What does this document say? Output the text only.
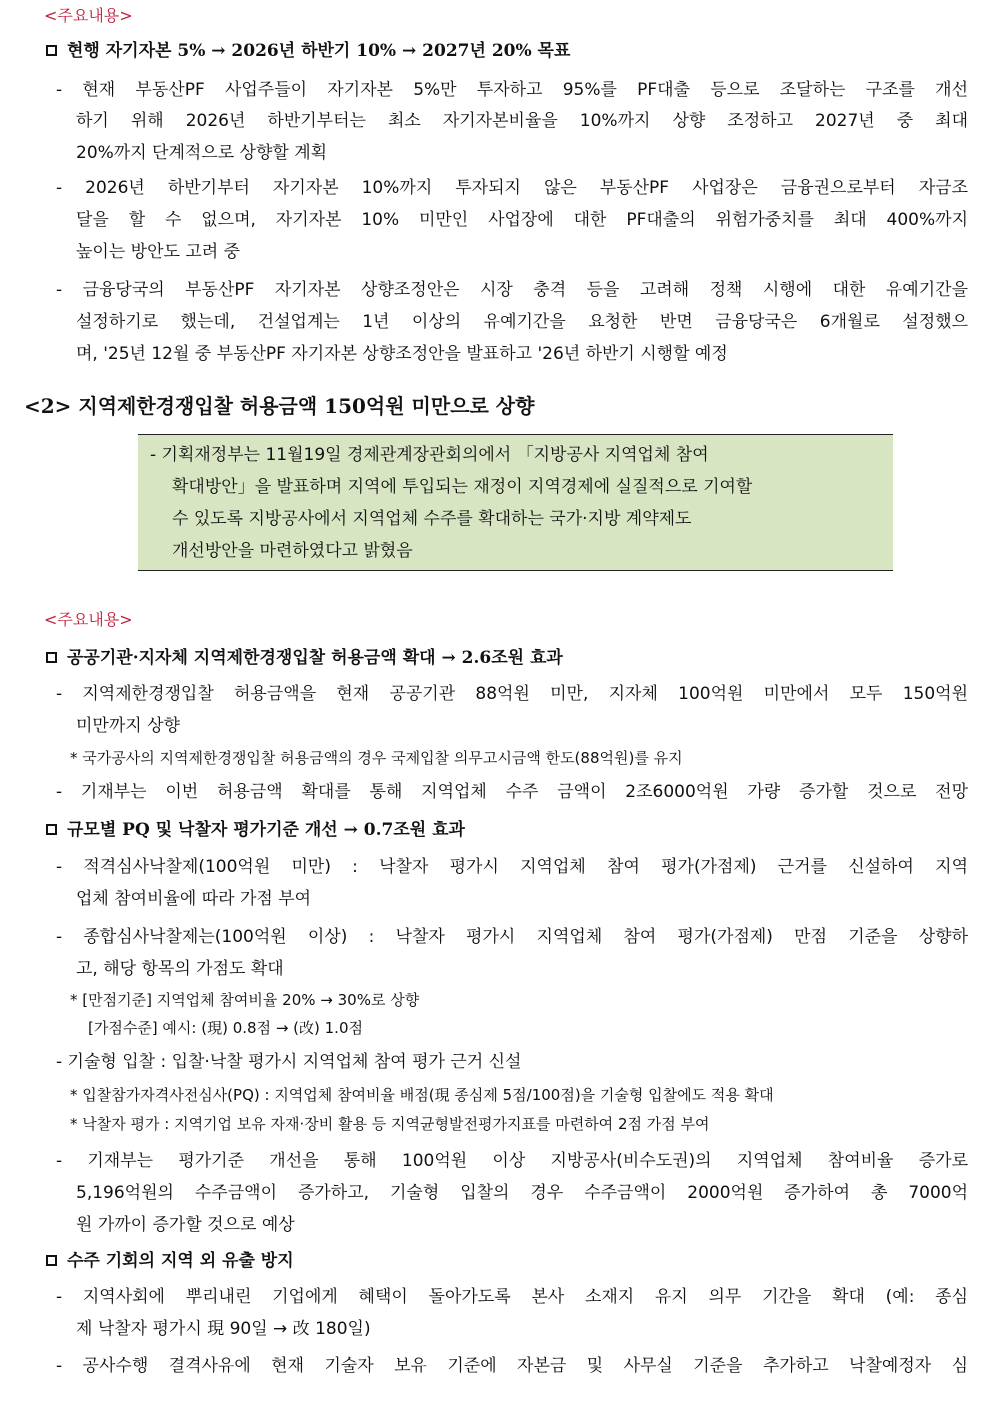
<주요내용>
현행 자기자본 5% → 2026년 하반기 10% → 2027년 20% 목표
- 현재 부동산PF 사업주들이 자기자본 5%만 투자하고 95%를 PF대출 등으로 조달하는 구조를 개선
하기 위해 2026년 하반기부터는 최소 자기자본비율을 10%까지 상향 조정하고 2027년 중 최대
20%까지 단계적으로 상향할 계획
- 2026년 하반기부터 자기자본 10%까지 투자되지 않은 부동산PF 사업장은 금융권으로부터 자금조
달을 할 수 없으며, 자기자본 10% 미만인 사업장에 대한 PF대출의 위험가중치를 최대 400%까지
높이는 방안도 고려 중
- 금융당국의 부동산PF 자기자본 상향조정안은 시장 충격 등을 고려해 정책 시행에 대한 유예기간을
설정하기로 했는데, 건설업계는 1년 이상의 유예기간을 요청한 반면 금융당국은 6개월로 설정했으
며, '25년 12월 중 부동산PF 자기자본 상향조정안을 발표하고 '26년 하반기 시행할 예정
<2> 지역제한경쟁입찰 허용금액 150억원 미만으로 상향
- 기획재정부는 11월19일 경제관계장관회의에서 「지방공사 지역업체 참여
확대방안」을 발표하며 지역에 투입되는 재정이 지역경제에 실질적으로 기여할
수 있도록 지방공사에서 지역업체 수주를 확대하는 국가·지방 계약제도
개선방안을 마련하였다고 밝혔음
<주요내용>
공공기관·지자체 지역제한경쟁입찰 허용금액 확대 → 2.6조원 효과
- 지역제한경쟁입찰 허용금액을 현재 공공기관 88억원 미만, 지자체 100억원 미만에서 모두 150억원
미만까지 상향
* 국가공사의 지역제한경쟁입찰 허용금액의 경우 국제입찰 의무고시금액 한도(88억원)를 유지
- 기재부는 이번 허용금액 확대를 통해 지역업체 수주 금액이 2조6000억원 가량 증가할 것으로 전망
규모별 PQ 및 낙찰자 평가기준 개선 → 0.7조원 효과
- 적격심사낙찰제(100억원 미만) : 낙찰자 평가시 지역업체 참여 평가(가점제) 근거를 신설하여 지역
업체 참여비율에 따라 가점 부여
- 종합심사낙찰제는(100억원 이상) : 낙찰자 평가시 지역업체 참여 평가(가점제) 만점 기준을 상향하
고, 해당 항목의 가점도 확대
* [만점기준] 지역업체 참여비율 20% → 30%로 상향
[가점수준] 예시: (現) 0.8점 → (改) 1.0점
- 기술형 입찰 : 입찰·낙찰 평가시 지역업체 참여 평가 근거 신설
* 입찰참가자격사전심사(PQ) : 지역업체 참여비율 배점(現 종심제 5점/100점)을 기술형 입찰에도 적용 확대
* 낙찰자 평가 : 지역기업 보유 자재·장비 활용 등 지역균형발전평가지표를 마련하여 2점 가점 부여
- 기재부는 평가기준 개선을 통해 100억원 이상 지방공사(비수도권)의 지역업체 참여비율 증가로
5,196억원의 수주금액이 증가하고, 기술형 입찰의 경우 수주금액이 2000억원 증가하여 총 7000억
원 가까이 증가할 것으로 예상
수주 기회의 지역 외 유출 방지
- 지역사회에 뿌리내린 기업에게 혜택이 돌아가도록 본사 소재지 유지 의무 기간을 확대 (예: 종심
제 낙찰자 평가시 現 90일 → 改 180일)
- 공사수행 결격사유에 현재 기술자 보유 기준에 자본금 및 사무실 기준을 추가하고 낙찰예정자 심
